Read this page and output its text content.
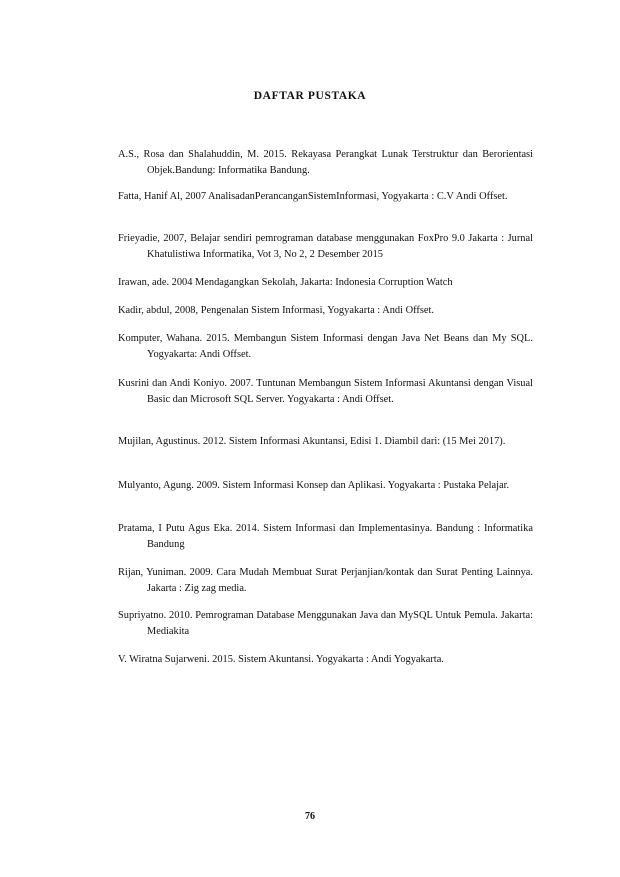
DAFTAR PUSTAKA

A.S., Rosa dan Shalahuddin, M. 2015. Rekayasa Perangkat Lunak Terstruktur dan Berorientasi Objek.Bandung: Informatika Bandung.

Fatta, Hanif Al, 2007 AnalisadanPerancanganSistemInformasi, Yogyakarta : C.V Andi Offset.

Frieyadie, 2007, Belajar sendiri pemrograman database menggunakan FoxPro 9.0 Jakarta : Jurnal Khatulistiwa Informatika, Vot 3, No 2, 2 Desember 2015

Irawan, ade. 2004 Mendagangkan Sekolah, Jakarta: Indonesia Corruption Watch

Kadir, abdul, 2008, Pengenalan Sistem Informasi, Yogyakarta : Andi Offset.

Komputer, Wahana. 2015. Membangun Sistem Informasi dengan Java Net Beans dan My SQL. Yogyakarta: Andi Offset.

Kusrini dan Andi Koniyo. 2007. Tuntunan Membangun Sistem Informasi Akuntansi dengan Visual Basic dan Microsoft SQL Server. Yogyakarta : Andi Offset.

Mujilan, Agustinus. 2012. Sistem Informasi Akuntansi, Edisi 1. Diambil dari: (15 Mei 2017).

Mulyanto, Agung. 2009. Sistem Informasi Konsep dan Aplikasi. Yogyakarta : Pustaka Pelajar.

Pratama, I Putu Agus Eka. 2014. Sistem Informasi dan Implementasinya. Bandung : Informatika Bandung

Rijan, Yuniman. 2009. Cara Mudah Membuat Surat Perjanjian/kontak dan Surat Penting Lainnya. Jakarta : Zig zag media.

Supriyatno. 2010. Pemrograman Database Menggunakan Java dan MySQL Untuk Pemula. Jakarta: Mediakita

V. Wiratna Sujarweni. 2015. Sistem Akuntansi. Yogyakarta : Andi Yogyakarta.

76
